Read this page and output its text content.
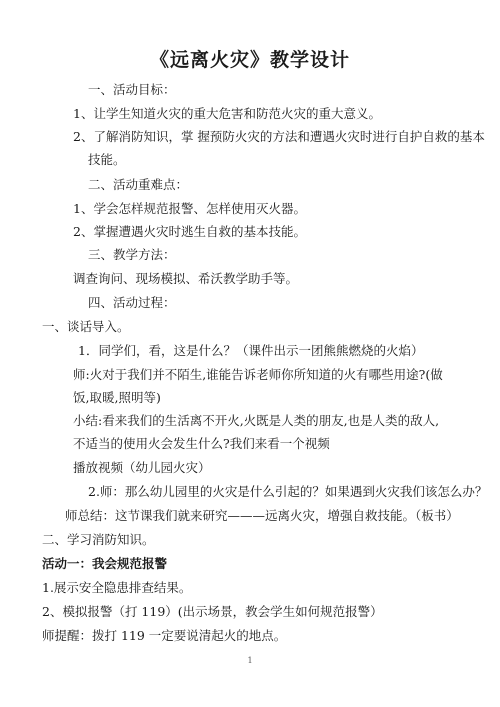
《远离火灾》教学设计
一、活动目标：
1、让学生知道火灾的重大危害和防范火灾的重大意义。
2、了解消防知识，掌 握预防火灾的方法和遭遇火灾时进行自护自救的基本
技能。
二、活动重难点：
1、学会怎样规范报警、怎样使用灭火器。
2、掌握遭遇火灾时逃生自救的基本技能。
三、教学方法：
调查询问、现场模拟、希沃教学助手等。
四、活动过程：
一、谈话导入。
1．同学们，看，这是什么？（课件出示一团熊熊燃烧的火焰）
师:火对于我们并不陌生,谁能告诉老师你所知道的火有哪些用途?(做
饭,取暖,照明等)
小结:看来我们的生活离不开火,火既是人类的朋友,也是人类的敌人,
不适当的使用火会发生什么?我们来看一个视频
播放视频（幼儿园火灾）
2.师：那么幼儿园里的火灾是什么引起的？如果遇到火灾我们该怎么办？
师总结：这节课我们就来研究———远离火灾，增强自救技能。（板书）
二、学习消防知识。
活动一：我会规范报警
1.展示安全隐患排查结果。
2、模拟报警（打 119）(出示场景，教会学生如何规范报警）
师提醒：拨打 119 一定要说清起火的地点。
1
